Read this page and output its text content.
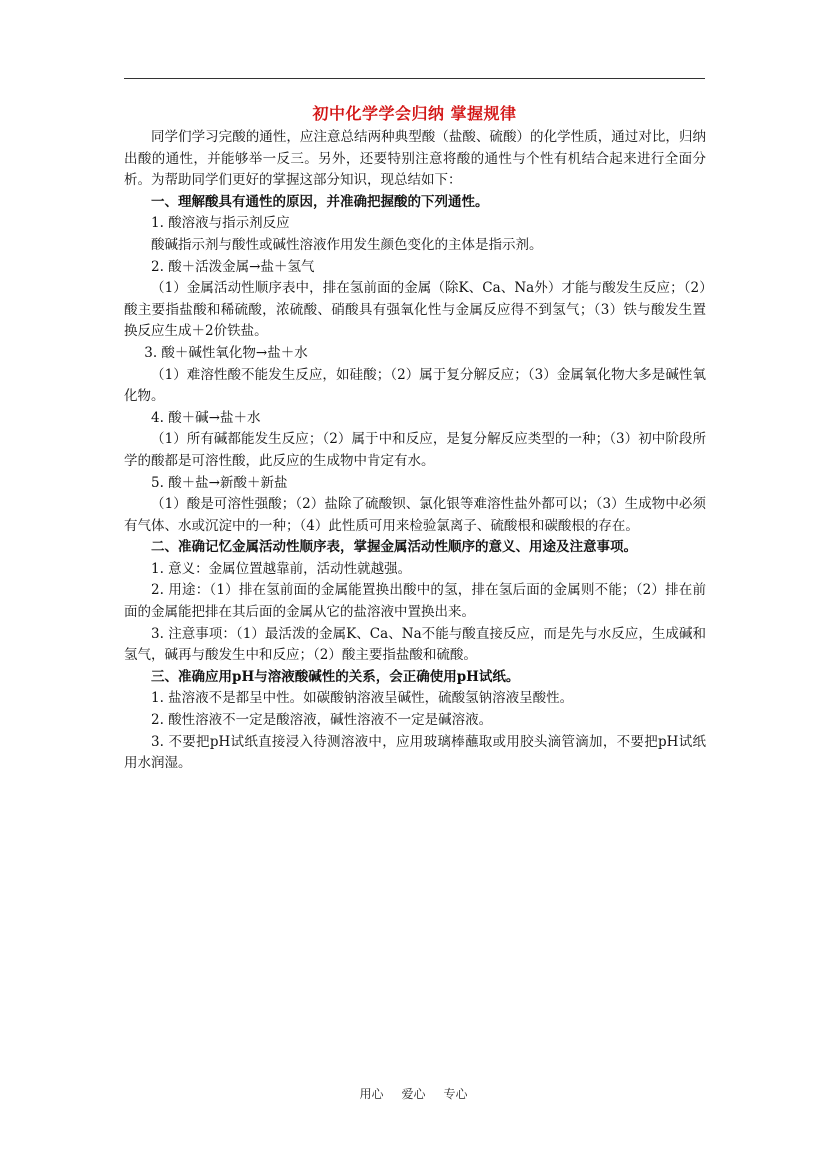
初中化学学会归纳 掌握规律

同学们学习完酸的通性，应注意总结两种典型酸（盐酸、硫酸）的化学性质，通过对比，归纳出酸的通性，并能够举一反三。另外，还要特别注意将酸的通性与个性有机结合起来进行全面分析。为帮助同学们更好的掌握这部分知识，现总结如下：

一、理解酸具有通性的原因，并准确把握酸的下列通性。

1. 酸溶液与指示剂反应

酸碱指示剂与酸性或碱性溶液作用发生颜色变化的主体是指示剂。

2. 酸＋活泼金属→盐＋氢气

（1）金属活动性顺序表中，排在氢前面的金属（除K、Ca、Na外）才能与酸发生反应；（2）酸主要指盐酸和稀硫酸，浓硫酸、硝酸具有强氧化性与金属反应得不到氢气；（3）铁与酸发生置换反应生成＋2价铁盐。

3. 酸＋碱性氧化物→盐＋水

（1）难溶性酸不能发生反应，如硅酸；（2）属于复分解反应；（3）金属氧化物大多是碱性氧化物。

4. 酸＋碱→盐＋水

（1）所有碱都能发生反应；（2）属于中和反应，是复分解反应类型的一种；（3）初中阶段所学的酸都是可溶性酸，此反应的生成物中肯定有水。

5. 酸＋盐→新酸＋新盐

（1）酸是可溶性强酸；（2）盐除了硫酸钡、氯化银等难溶性盐外都可以；（3）生成物中必须有气体、水或沉淀中的一种；（4）此性质可用来检验氯离子、硫酸根和碳酸根的存在。

二、准确记忆金属活动性顺序表，掌握金属活动性顺序的意义、用途及注意事项。

1. 意义：金属位置越靠前，活动性就越强。

2. 用途：（1）排在氢前面的金属能置换出酸中的氢，排在氢后面的金属则不能；（2）排在前面的金属能把排在其后面的金属从它的盐溶液中置换出来。

3. 注意事项：（1）最活泼的金属K、Ca、Na不能与酸直接反应，而是先与水反应，生成碱和氢气，碱再与酸发生中和反应；（2）酸主要指盐酸和硫酸。

三、准确应用pH与溶液酸碱性的关系，会正确使用pH试纸。

1. 盐溶液不是都呈中性。如碳酸钠溶液呈碱性，硫酸氢钠溶液呈酸性。

2. 酸性溶液不一定是酸溶液，碱性溶液不一定是碱溶液。

3. 不要把pH试纸直接浸入待测溶液中，应用玻璃棒蘸取或用胶头滴管滴加，不要把pH试纸用水润湿。

用心 爱心 专心
